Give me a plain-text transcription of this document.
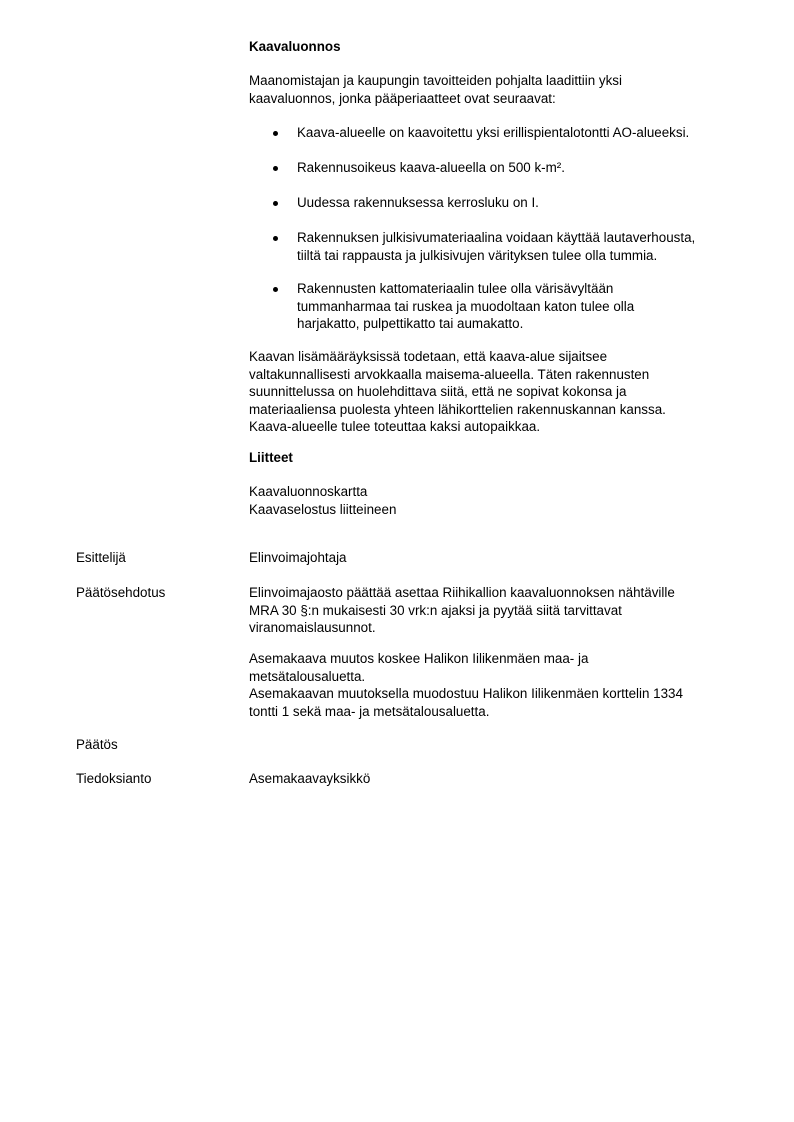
Kaavaluonnos

Maanomistajan ja kaupungin tavoitteiden pohjalta laadittiin yksi

kaavaluonnos, jonka pääperiaatteet ovat seuraavat:

Kaava-alueelle on kaavoitettu yksi erillispientalotontti AO-alueeksi.

Rakennusoikeus kaava-alueella on 500 k-m².

Uudessa rakennuksessa kerrosluku on I.

Rakennuksen julkisivumateriaalina voidaan käyttää lautaverhousta,

tiiltä tai rappausta ja julkisivujen värityksen tulee olla tummia.

Rakennusten kattomateriaalin tulee olla värisävyltään

tummanharmaa tai ruskea ja muodoltaan katon tulee olla

harjakatto, pulpettikatto tai aumakatto.

Kaavan lisämääräyksissä todetaan, että kaava-alue sijaitsee

valtakunnallisesti arvokkaalla maisema-alueella. Täten rakennusten

suunnittelussa on huolehdittava siitä, että ne sopivat kokonsa ja

materiaaliensa puolesta yhteen lähikorttelien rakennuskannan kanssa.

Kaava-alueelle tulee toteuttaa kaksi autopaikkaa.

Liitteet

Kaavaluonnoskartta

Kaavaselostus liitteineen

Esittelijä	Elinvoimajohtaja
Päätösehdotus	Elinvoimajaosto päättää asettaa Riihikallion kaavaluonnoksen nähtäville

MRA 30 §:n mukaisesti 30 vrk:n ajaksi ja pyytää siitä tarvittavat

viranomaislausunnot.

Asemakaava muutos koskee Halikon Iilikenmäen maa- ja

metsätalousaluetta.

Asemakaavan muutoksella muodostuu Halikon Iilikenmäen korttelin 1334

tontti 1 sekä maa- ja metsätalousaluetta.

Päätös
Tiedoksianto	Asemakaavayksikkö
